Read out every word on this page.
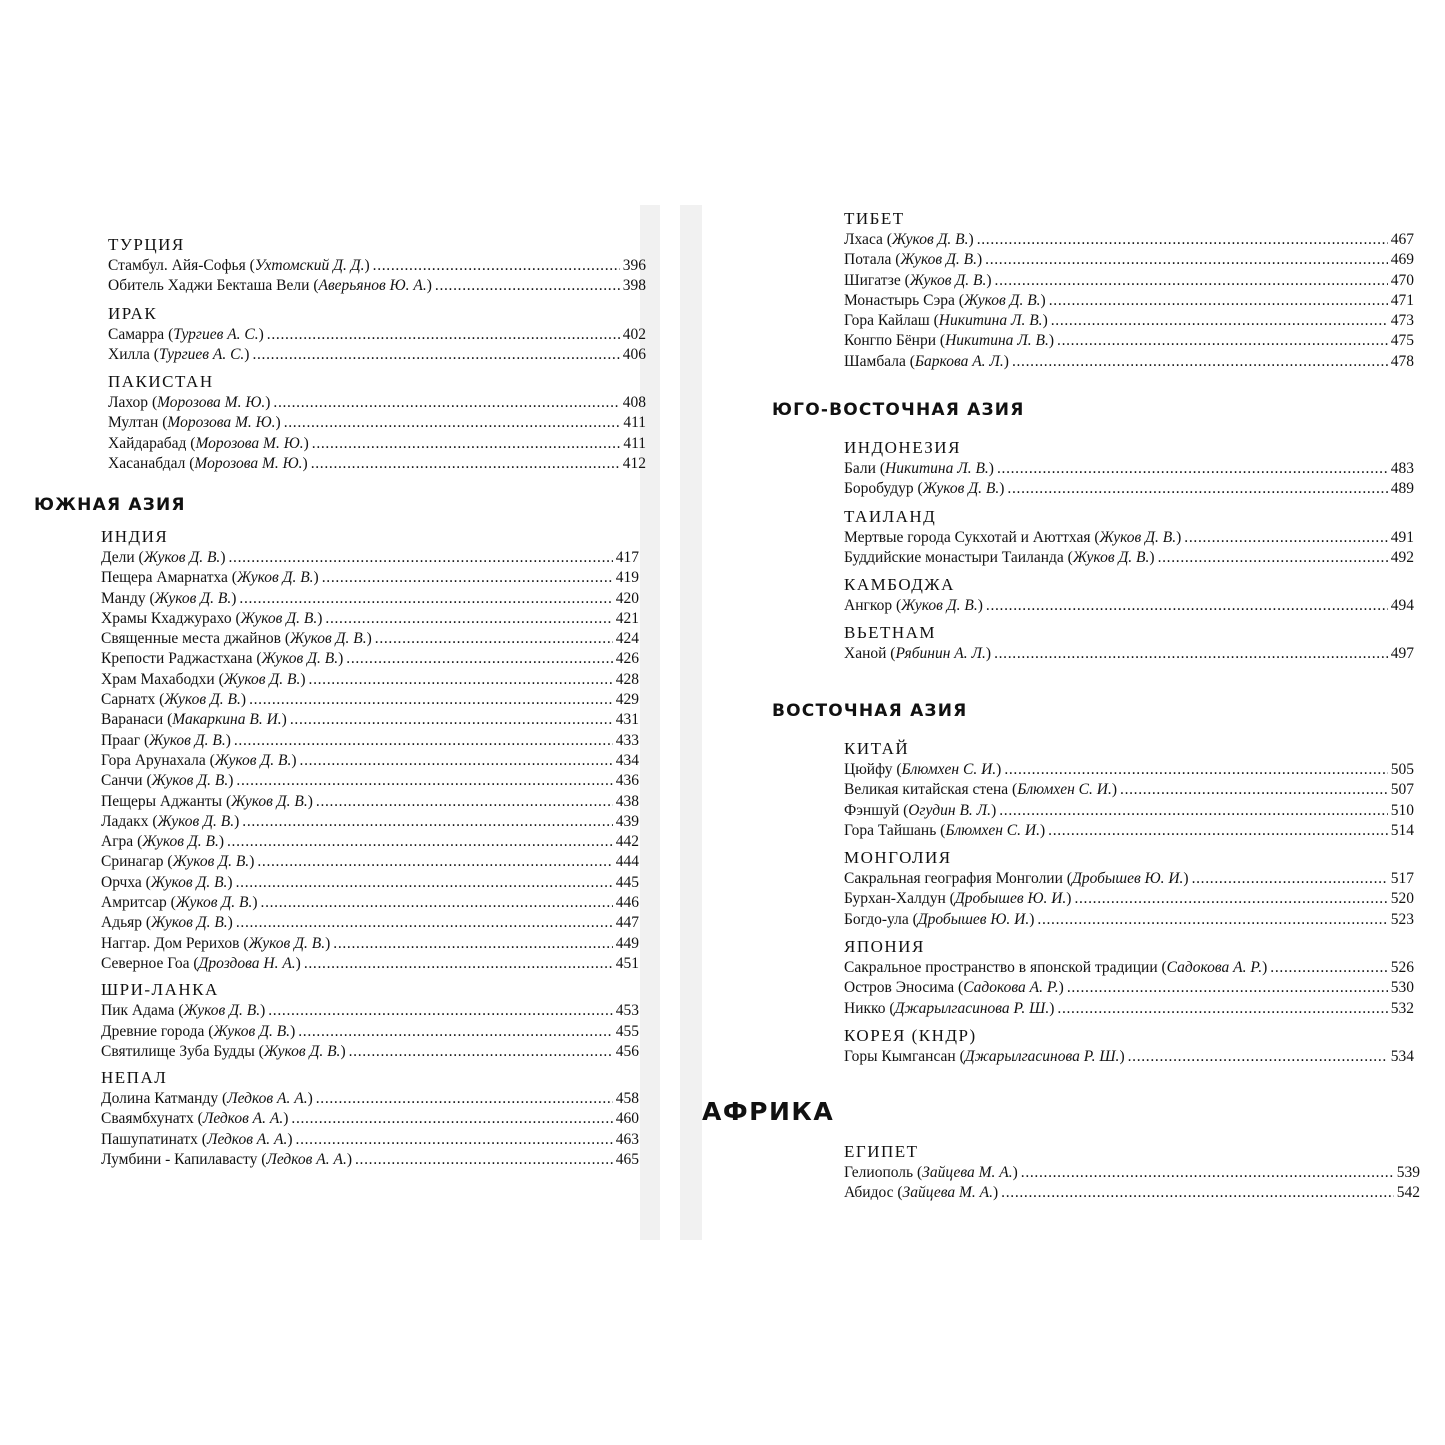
ТУРЦИЯ
Стамбул. Айя-Софья ( Ухтомский Д. Д. ) . . .	396
Обитель Хаджи Бекташа Вели ( Аверьянов Ю. А. ) . . .	398
ИРАК
Самарра ( Тургиев А. С. ) . . .	402
Хилла ( Тургиев А. С. ) . . .	406
ПАКИСТАН
Лахор ( Морозова М. Ю. ) . . .	408
Мултан ( Морозова М. Ю. ) . . .	411
Хайдарабад ( Морозова М. Ю. ) . . .	411
Хасанабдал ( Морозова М. Ю. ) . . .	412
ЮЖНАЯ АЗИЯ
ИНДИЯ
Дели ( Жуков Д. В. ) . . .	417
Пещера Амарнатха ( Жуков Д. В. ) . . .	419
Манду ( Жуков Д. В. ) . . .	420
Храмы Кхаджурахо ( Жуков Д. В. ) . . .	421
Священные места джайнов ( Жуков Д. В. ) . . .	424
Крепости Раджастхана ( Жуков Д. В. ) . . .	426
Храм Махабодхи ( Жуков Д. В. ) . . .	428
Сарнатх ( Жуков Д. В. ) . . .	429
Варанаси ( Макаркина В. И. ) . . .	431
Прааг ( Жуков Д. В. ) . . .	433
Гора Арунахала ( Жуков Д. В. ) . . .	434
Санчи ( Жуков Д. В. ) . . .	436
Пещеры Аджанты ( Жуков Д. В. ) . . .	438
Ладакх ( Жуков Д. В. ) . . .	439
Агра ( Жуков Д. В. ) . . .	442
Сринагар ( Жуков Д. В. ) . . .	444
Орчха ( Жуков Д. В. ) . . .	445
Амритсар ( Жуков Д. В. ) . . .	446
Адьяр ( Жуков Д. В. ) . . .	447
Наггар. Дом Рерихов ( Жуков Д. В. ) . . .	449
Северное Гоа ( Дроздова Н. А. ) . . .	451
ШРИ-ЛАНКА
Пик Адама ( Жуков Д. В. ) . . .	453
Древние города ( Жуков Д. В. ) . . .	455
Святилище Зуба Будды ( Жуков Д. В. ) . . .	456
НЕПАЛ
Долина Катманду ( Ледков А. А. ) . . .	458
Сваямбхунатх ( Ледков А. А. ) . . .	460
Пашупатинатх ( Ледков А. А. ) . . .	463
Лумбини - Капилавасту ( Ледков А. А. ) . . .	465
ТИБЕТ
Лхаса ( Жуков Д. В. ) . . .	467
Потала ( Жуков Д. В. ) . . .	469
Шигатзе ( Жуков Д. В. ) . . .	470
Монастырь Сэра ( Жуков Д. В. ) . . .	471
Гора Кайлаш ( Никитина Л. В. ) . . .	473
Конгпо Бёнри ( Никитина Л. В. ) . . .	475
Шамбала ( Баркова А. Л. ) . . .	478
ЮГО-ВОСТОЧНАЯ АЗИЯ
ИНДОНЕЗИЯ
Бали ( Никитина Л. В. ) . . .	483
Боробудур ( Жуков Д. В. ) . . .	489
ТАИЛАНД
Мертвые города Сукхотай и Аюттхая ( Жуков Д. В. ) . . .	491
Буддийские монастыри Таиланда ( Жуков Д. В. ) . . .	492
КАМБОДЖА
Ангкор ( Жуков Д. В. ) . . .	494
ВЬЕТНАМ
Ханой ( Рябинин А. Л. ) . . .	497
ВОСТОЧНАЯ АЗИЯ
КИТАЙ
Цюйфу ( Блюмхен С. И. ) . . .	505
Великая китайская стена ( Блюмхен С. И. ) . . .	507
Фэншуй ( Огудин В. Л. ) . . .	510
Гора Тайшань ( Блюмхен С. И. ) . . .	514
МОНГОЛИЯ
Сакральная география Монголии ( Дробышев Ю. И. ) . . .	517
Бурхан-Халдун ( Дробышев Ю. И. ) . . .	520
Богдо-ула ( Дробышев Ю. И. ) . . .	523
ЯПОНИЯ
Сакральное пространство в японской традиции ( Садокова А. Р. ) . . .	526
Остров Эносима ( Садокова А. Р. ) . . .	530
Никко ( Джарылгасинова Р. Ш. ) . . .	532
КОРЕЯ (КНДР)
Горы Кымгансан ( Джарылгасинова Р. Ш. ) . . .	534
АФРИКА
ЕГИПЕТ
Гелиополь ( Зайцева М. А. ) . . .	539
Абидос ( Зайцева М. А. ) . . .	542
